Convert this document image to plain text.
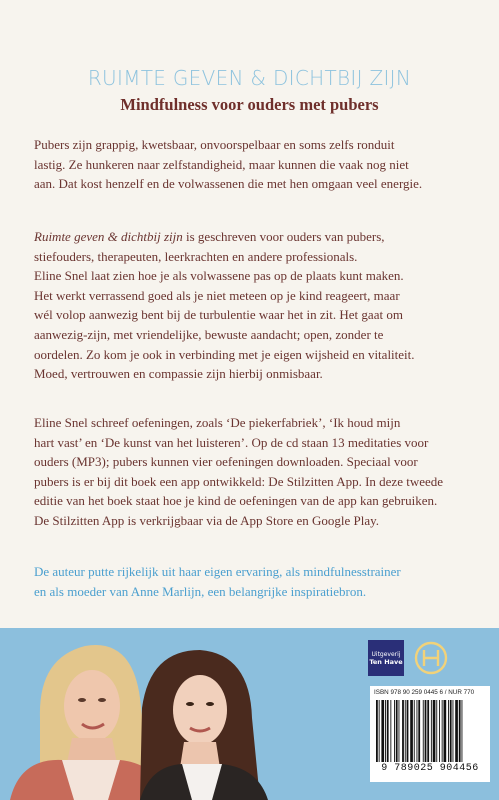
RUIMTE GEVEN & DICHTBIJ ZIJN
Mindfulness voor ouders met pubers
Pubers zijn grappig, kwetsbaar, onvoorspelbaar en soms zelfs ronduit
lastig. Ze hunkeren naar zelfstandigheid, maar kunnen die vaak nog niet
aan. Dat kost henzelf en de volwassenen die met hen omgaan veel energie.
Ruimte geven & dichtbij zijn is geschreven voor ouders van pubers,
stiefouders, therapeuten, leerkrachten en andere professionals.
Eline Snel laat zien hoe je als volwassene pas op de plaats kunt maken.
Het werkt verrassend goed als je niet meteen op je kind reageert, maar
wél volop aanwezig bent bij de turbulentie waar het in zit. Het gaat om
aanwezig-zijn, met vriendelijke, bewuste aandacht; open, zonder te
oordelen. Zo kom je ook in verbinding met je eigen wijsheid en vitaliteit.
Moed, vertrouwen en compassie zijn hierbij onmisbaar.
Eline Snel schreef oefeningen, zoals ‘De piekerfabriek’, ‘Ik houd mijn
hart vast’ en ‘De kunst van het luisteren’. Op de cd staan 13 meditaties voor
ouders (MP3); pubers kunnen vier oefeningen downloaden. Speciaal voor
pubers is er bij dit boek een app ontwikkeld: De Stilzitten App. In deze tweede
editie van het boek staat hoe je kind de oefeningen van de app kan gebruiken.
De Stilzitten App is verkrijgbaar via de App Store en Google Play.
De auteur putte rijkelijk uit haar eigen ervaring, als mindfulnesstrainer
en als moeder van Anne Marlijn, een belangrijke inspiratiebron.
Uitgeverij
Ten Have
ISBN 978 90 259 0445 6 / NUR 770
9 789025 904456
